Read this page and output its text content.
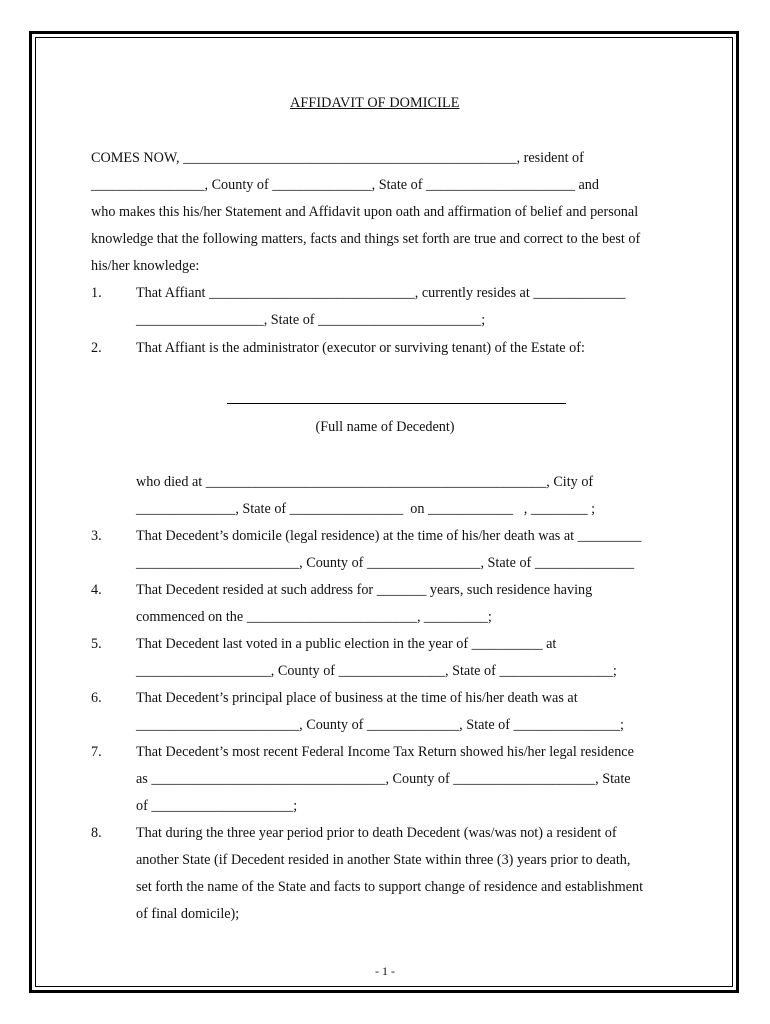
AFFIDAVIT OF DOMICILE
COMES NOW, _______________________________________________, resident of
________________, County of ______________, State of _____________________ and
who makes this his/her Statement and Affidavit upon oath and affirmation of belief and personal
knowledge that the following matters, facts and things set forth are true and correct to the best of
his/her knowledge:
1. That Affiant _____________________________, currently resides at _____________
__________________, State of _______________________;
2. That Affiant is the administrator (executor or surviving tenant) of the Estate of:
(Full name of Decedent)
who died at ________________________________________________, City of
______________, State of ________________  on ____________   , ________ ;
3. That Decedent’s domicile (legal residence) at the time of his/her death was at _________
_______________________, County of ________________, State of ______________
4. That Decedent resided at such address for _______ years, such residence having
commenced on the ________________________, _________;
5. That Decedent last voted in a public election in the year of __________ at
___________________, County of _______________, State of ________________;
6. That Decedent’s principal place of business at the time of his/her death was at
_______________________, County of _____________, State of _______________;
7. That Decedent’s most recent Federal Income Tax Return showed his/her legal residence
as _________________________________, County of ____________________, State
of ____________________;
8. That during the three year period prior to death Decedent (was/was not) a resident of
another State (if Decedent resided in another State within three (3) years prior to death,
set forth the name of the State and facts to support change of residence and establishment
of final domicile);
- 1 -
